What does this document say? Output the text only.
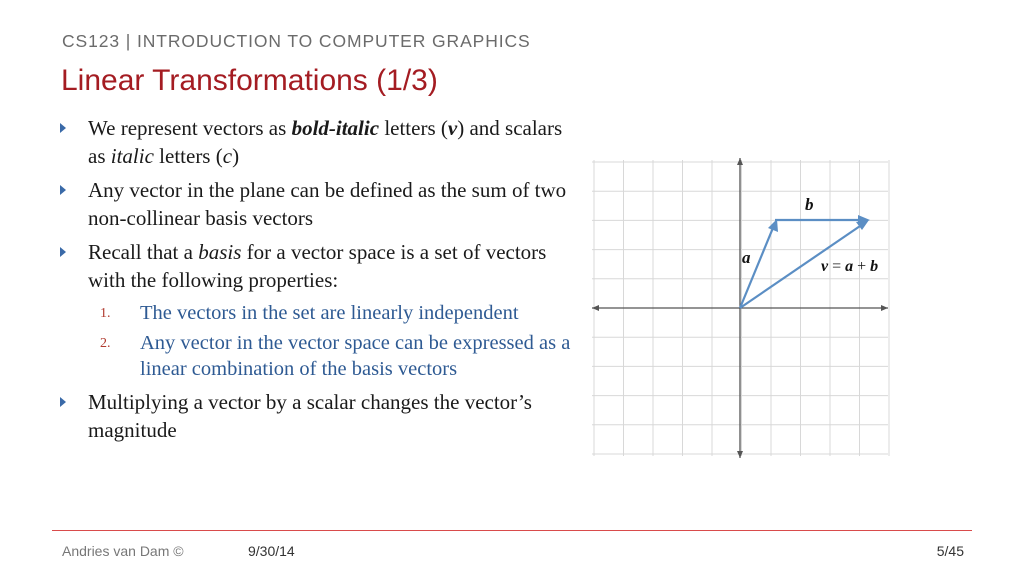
CS123 | INTRODUCTION TO COMPUTER GRAPHICS
Linear Transformations (1/3)
We represent vectors as bold-italic letters (v) and scalars as italic letters (c)
Any vector in the plane can be defined as the sum of two non-collinear basis vectors
Recall that a basis for a vector space is a set of vectors with the following properties:
1. The vectors in the set are linearly independent
2. Any vector in the vector space can be expressed as a linear combination of the basis vectors
Multiplying a vector by a scalar changes the vector’s magnitude
b
a	v = a + b
Andries van Dam ©	9/30/14	5/45
